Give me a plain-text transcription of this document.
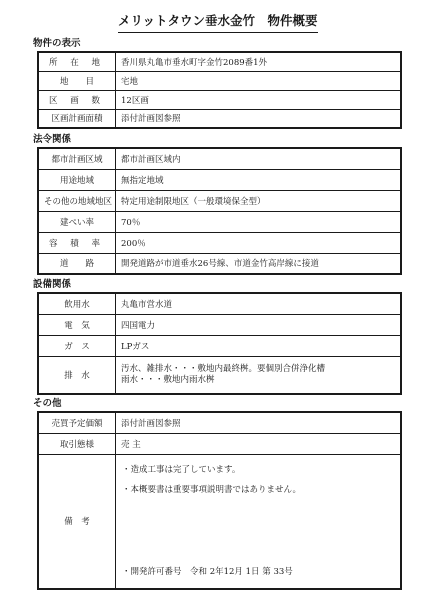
メリットタウン垂水金竹　物件概要
物件の表示
所 在 地	香川県丸亀市垂水町字金竹2089番1外
地　　目	宅地
区 画 数	12区画
区画計画面積	添付計画図参照
法令関係
都市計画区域	都市計画区域内
用途地域	無指定地域
その他の地域地区	特定用途制限地区（一般環境保全型）
建ぺい率	70％
容 積 率	200％
道　　路	開発道路が市道垂水26号線、市道金竹高岸線に接道
設備関係
飲用水	丸亀市営水道
電　気	四国電力
ガ　ス	LPガス
排　水	汚水、雑排水・・・敷地内最終桝。要個別合併浄化槽
雨水・・・敷地内雨水桝
その他
売買予定価額	添付計画図参照
取引態様	売 主
備　考	・造成工事は完了しています。
・本概要書は重要事項説明書ではありません。
・開発許可番号　令和 2年12月 1日 第 33号
